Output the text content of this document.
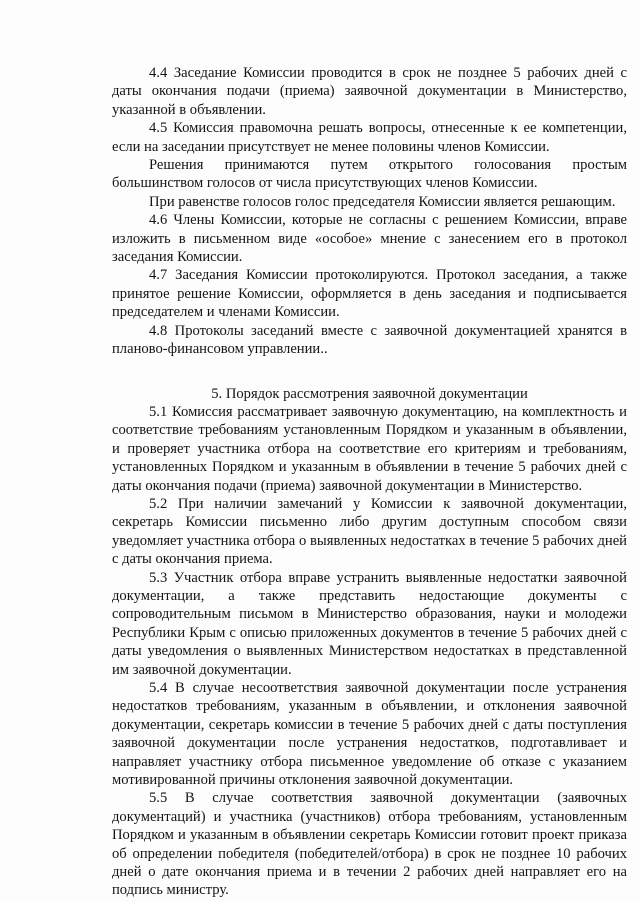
4.4 Заседание Комиссии проводится в срок не позднее 5 рабочих дней с даты окончания подачи (приема) заявочной документации в Министерство, указанной в объявлении.

4.5 Комиссия правомочна решать вопросы, отнесенные к ее компетенции, если на заседании присутствует не менее половины членов Комиссии.

Решения принимаются путем открытого голосования простым большинством голосов от числа присутствующих членов Комиссии.

При равенстве голосов голос председателя Комиссии является решающим.

4.6 Члены Комиссии, которые не согласны с решением Комиссии, вправе изложить в письменном виде «особое» мнение с занесением его в протокол заседания Комиссии.

4.7 Заседания Комиссии протоколируются. Протокол заседания, а также принятое решение Комиссии, оформляется в день заседания и подписывается председателем и членами Комиссии.

4.8 Протоколы заседаний вместе с заявочной документацией хранятся в планово-финансовом управлении..

5. Порядок рассмотрения заявочной документации

5.1 Комиссия рассматривает заявочную документацию, на комплектность и соответствие требованиям установленным Порядком и указанным в объявлении, и проверяет участника отбора на соответствие его критериям и требованиям, установленных Порядком и указанным в объявлении в течение 5 рабочих дней с даты окончания подачи (приема) заявочной документации в Министерство.

5.2 При наличии замечаний у Комиссии к заявочной документации, секретарь Комиссии письменно либо другим доступным способом связи уведомляет участника отбора о выявленных недостатках в течение 5 рабочих дней с даты окончания приема.

5.3 Участник отбора вправе устранить выявленные недостатки заявочной документации, а также представить недостающие документы с сопроводительным письмом в Министерство образования, науки и молодежи Республики Крым с описью приложенных документов в течение 5 рабочих дней с даты уведомления о выявленных Министерством недостатках в представленной им заявочной документации.

5.4 В случае несоответствия заявочной документации после устранения недостатков требованиям, указанным в объявлении, и отклонения заявочной документации, секретарь комиссии в течение 5 рабочих дней с даты поступления заявочной документации после устранения недостатков, подготавливает и направляет участнику отбора письменное уведомление об отказе с указанием мотивированной причины отклонения заявочной документации.

5.5 В случае соответствия заявочной документации (заявочных документаций) и участника (участников) отбора требованиям, установленным Порядком и указанным в объявлении секретарь Комиссии готовит проект приказа об определении победителя (победителей/отбора) в срок не позднее 10 рабочих дней о дате окончания приема и в течении 2 рабочих дней направляет его на подпись министру.
